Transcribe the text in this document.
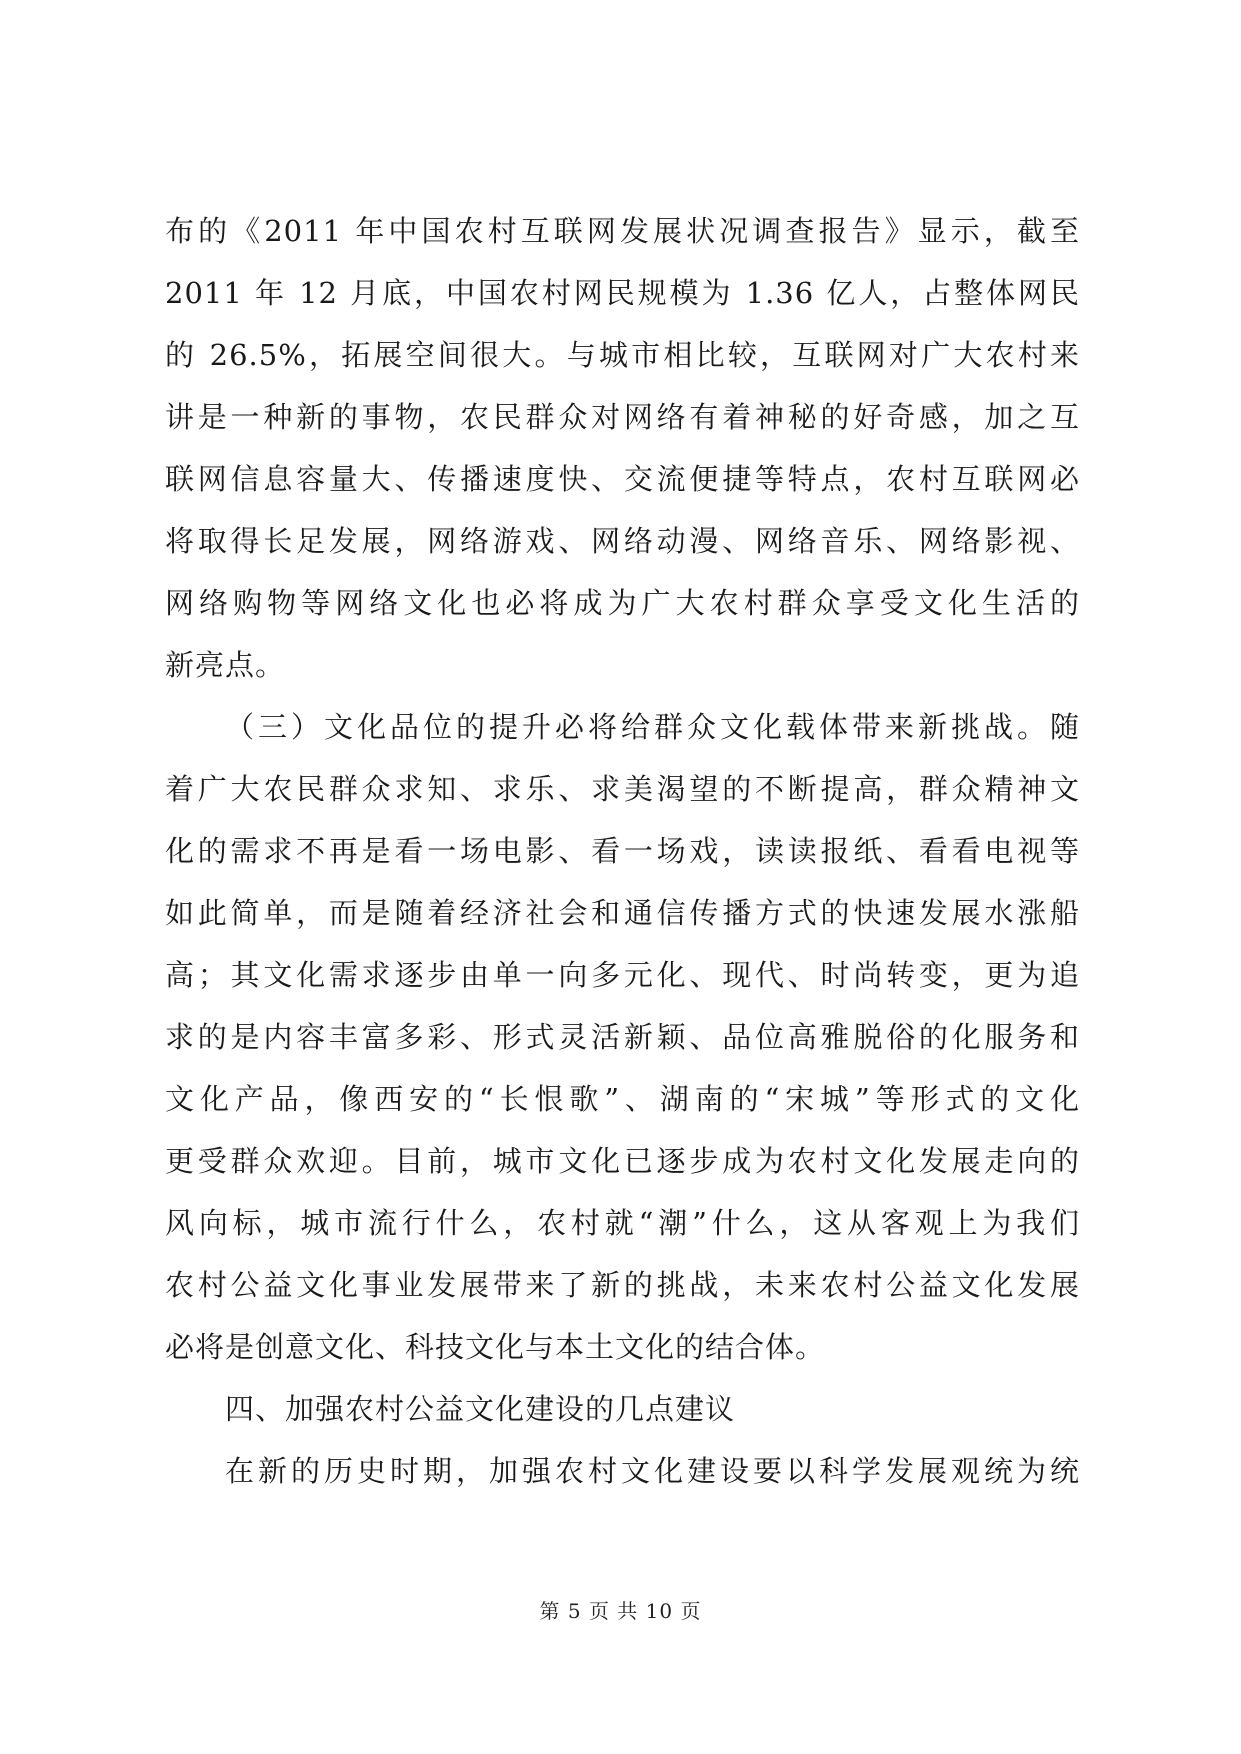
布的《2011 年中国农村互联网发展状况调查报告》显示，截至
2011 年 12 月底，中国农村网民规模为 1.36 亿人，占整体网民
的 26.5%，拓展空间很大。与城市相比较，互联网对广大农村来
讲是一种新的事物，农民群众对网络有着神秘的好奇感，加之互
联网信息容量大、传播速度快、交流便捷等特点，农村互联网必
将取得长足发展，网络游戏、网络动漫、网络音乐、网络影视、
网络购物等网络文化也必将成为广大农村群众享受文化生活的
新亮点。
（三）文化品位的提升必将给群众文化载体带来新挑战。随
着广大农民群众求知、求乐、求美渴望的不断提高，群众精神文
化的需求不再是看一场电影、看一场戏，读读报纸、看看电视等
如此简单，而是随着经济社会和通信传播方式的快速发展水涨船
高；其文化需求逐步由单一向多元化、现代、时尚转变，更为追
求的是内容丰富多彩、形式灵活新颖、品位高雅脱俗的化服务和
文化产品，像西安的“长恨歌”、湖南的“宋城”等形式的文化
更受群众欢迎。目前，城市文化已逐步成为农村文化发展走向的
风向标，城市流行什么，农村就“潮”什么，这从客观上为我们
农村公益文化事业发展带来了新的挑战，未来农村公益文化发展
必将是创意文化、科技文化与本土文化的结合体。
四、加强农村公益文化建设的几点建议
在新的历史时期，加强农村文化建设要以科学发展观统为统
第 5 页 共 10 页
